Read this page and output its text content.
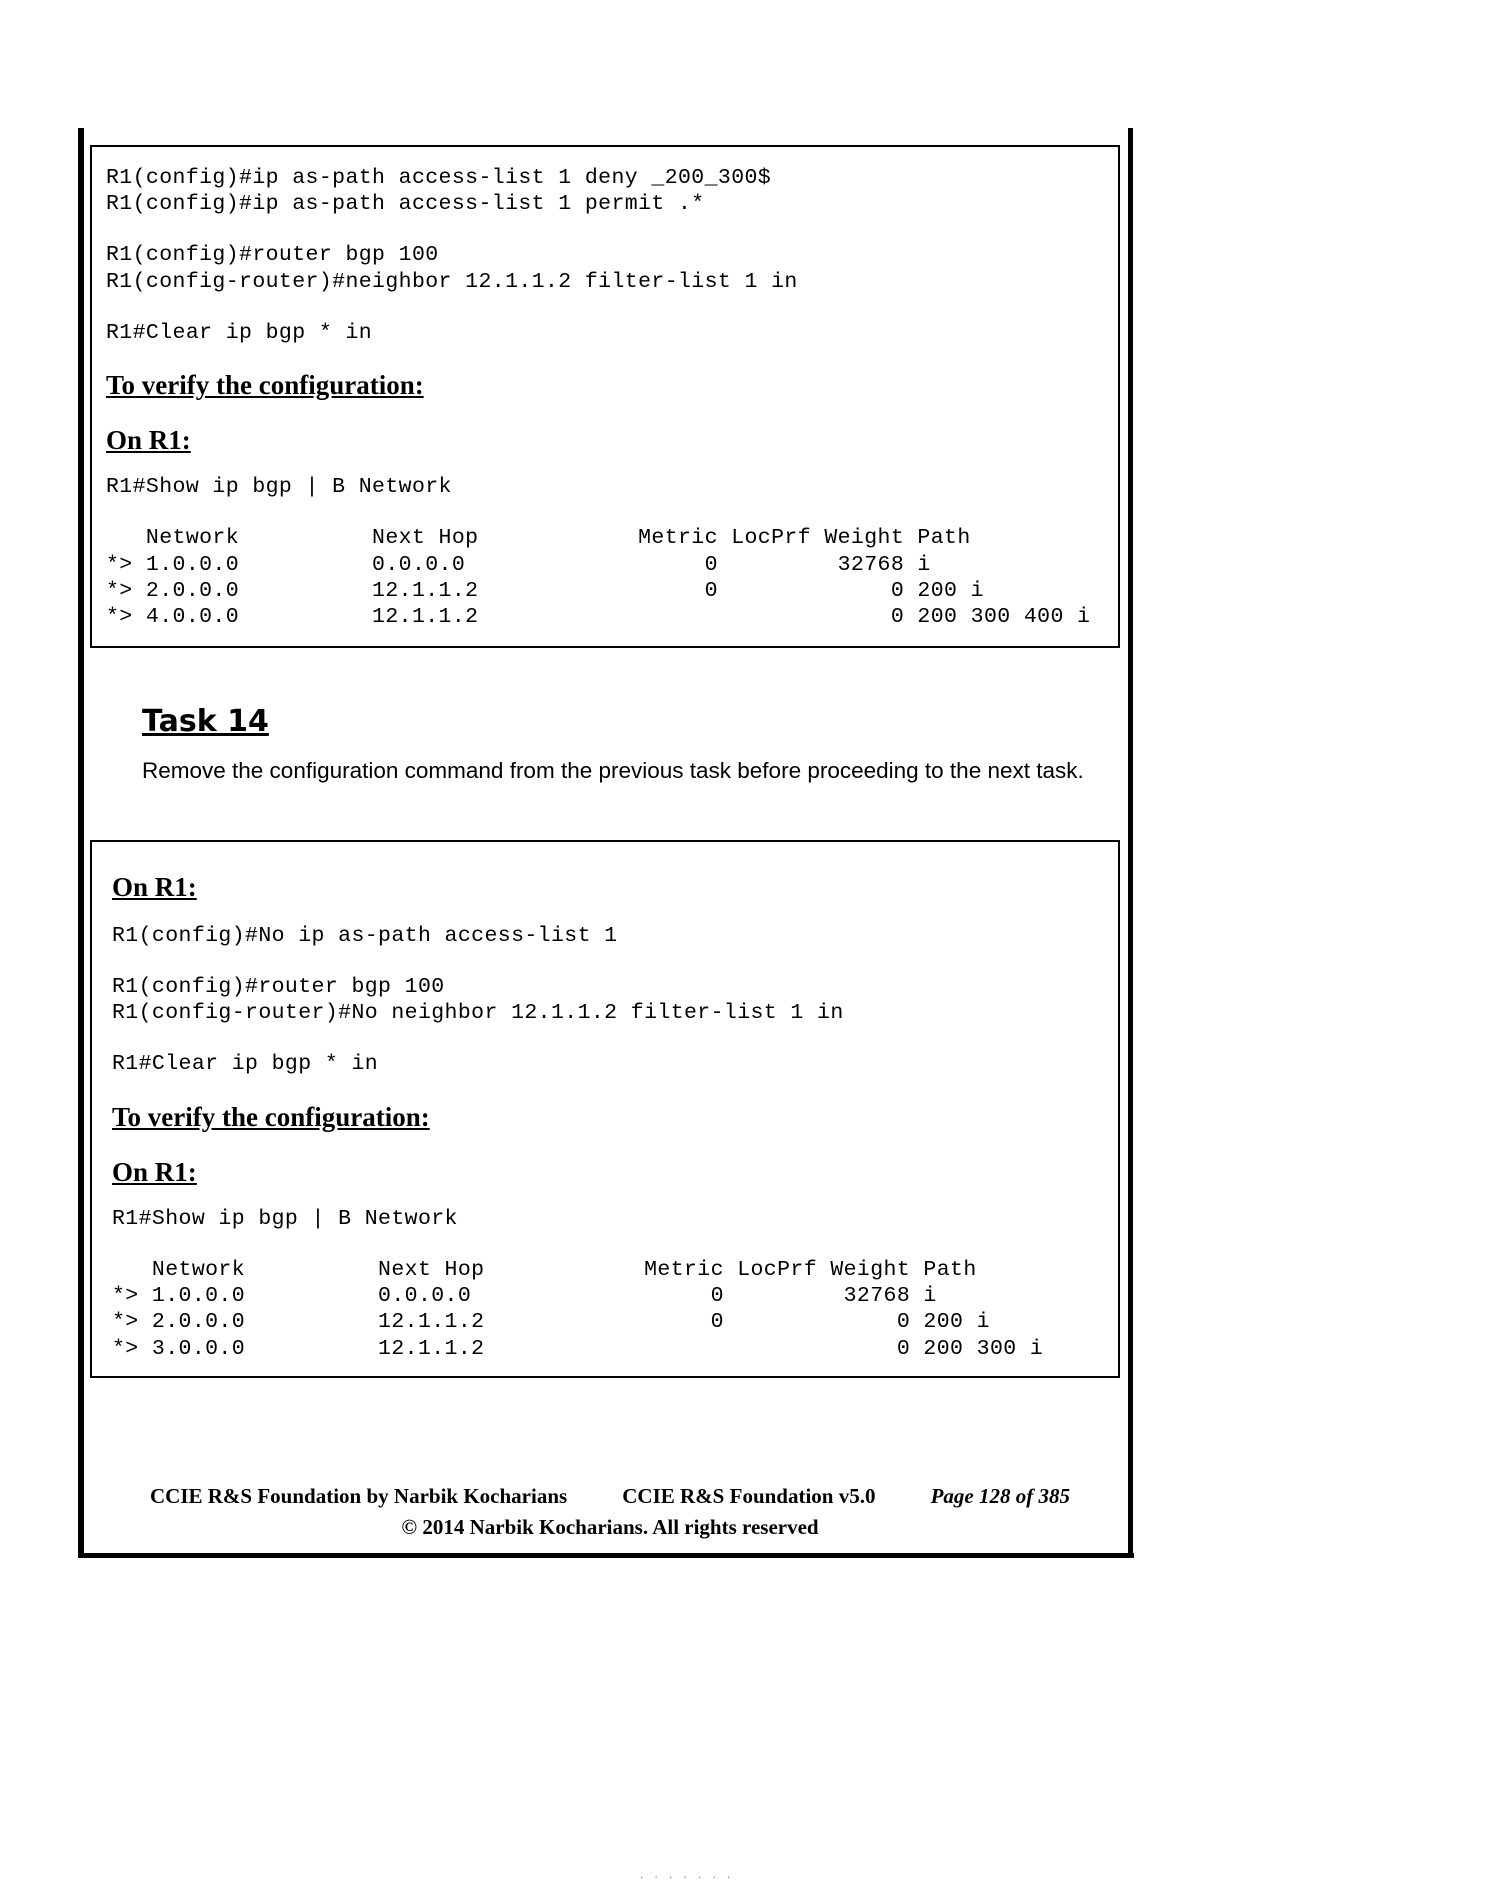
R1(config)#ip as-path access-list 1 deny _200_300$
R1(config)#ip as-path access-list 1 permit .*
R1(config)#router bgp 100
R1(config-router)#neighbor 12.1.1.2 filter-list 1 in
R1#Clear ip bgp * in
To verify the configuration:
On R1:
R1#Show ip bgp | B Network
Network          Next Hop            Metric LocPrf Weight Path
*> 1.0.0.0          0.0.0.0                  0         32768 i
*> 2.0.0.0          12.1.1.2                 0             0 200 i
*> 4.0.0.0          12.1.1.2                               0 200 300 400 i
Task 14

Remove the configuration command from the previous task before proceeding to the next task.

On R1:
R1(config)#No ip as-path access-list 1
R1(config)#router bgp 100
R1(config-router)#No neighbor 12.1.1.2 filter-list 1 in
R1#Clear ip bgp * in
To verify the configuration:
On R1:
R1#Show ip bgp | B Network
Network          Next Hop            Metric LocPrf Weight Path
*> 1.0.0.0          0.0.0.0                  0         32768 i
*> 2.0.0.0          12.1.1.2                 0             0 200 i
*> 3.0.0.0          12.1.1.2                               0 200 300 i
CCIE R&S Foundation by Narbik Kocharians	CCIE R&S Foundation v5.0	Page 128 of 385
© 2014 Narbik Kocharians. All rights reserved
. . . . . . .
